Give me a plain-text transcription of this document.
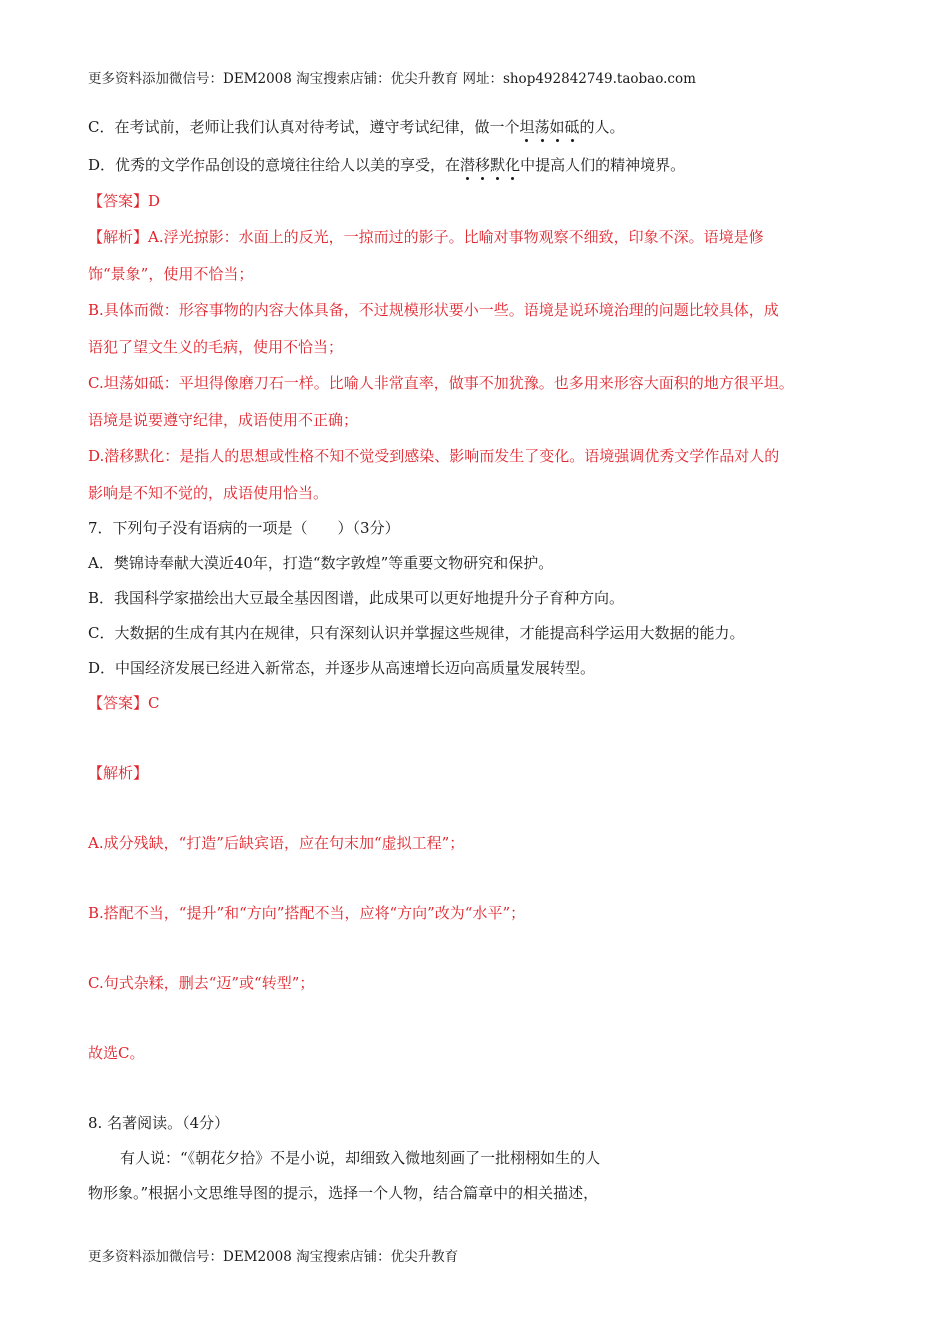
更多资料添加微信号：DEM2008 淘宝搜索店铺：优尖升教育 网址：shop492842749.taobao.com
C．在考试前，老师让我们认真对待考试，遵守考试纪律，做一个坦荡如砥的人。
D．优秀的文学作品创设的意境往往给人以美的享受，在潜移默化中提高人们的精神境界。
【答案】D
【解析】A.浮光掠影：水面上的反光，一掠而过的影子。比喻对事物观察不细致，印象不深。语境是修
饰“景象”，使用不恰当；
B.具体而微：形容事物的内容大体具备，不过规模形状要小一些。语境是说环境治理的问题比较具体，成
语犯了望文生义的毛病，使用不恰当；
C.坦荡如砥：平坦得像磨刀石一样。比喻人非常直率，做事不加犹豫。也多用来形容大面积的地方很平坦。
语境是说要遵守纪律，成语使用不正确；
D.潜移默化：是指人的思想或性格不知不觉受到感染、影响而发生了变化。语境强调优秀文学作品对人的
影响是不知不觉的，成语使用恰当。
7．下列句子没有语病的一项是（　　）（3分）
A．樊锦诗奉献大漠近40年，打造“数字敦煌”等重要文物研究和保护。
B．我国科学家描绘出大豆最全基因图谱，此成果可以更好地提升分子育种方向。
C．大数据的生成有其内在规律，只有深刻认识并掌握这些规律，才能提高科学运用大数据的能力。
D．中国经济发展已经进入新常态，并逐步从高速增长迈向高质量发展转型。
【答案】C
【解析】
A.成分残缺，“打造”后缺宾语，应在句末加“虚拟工程”；
B.搭配不当，“提升”和“方向”搭配不当，应将“方向”改为“水平”；
C.句式杂糅，删去“迈”或“转型”；
故选C。
8. 名著阅读。（4分）
有人说：“《朝花夕拾》不是小说，却细致入微地刻画了一批栩栩如生的人
物形象。”根据小文思维导图的提示，选择一个人物，结合篇章中的相关描述，
更多资料添加微信号：DEM2008 淘宝搜索店铺：优尖升教育
